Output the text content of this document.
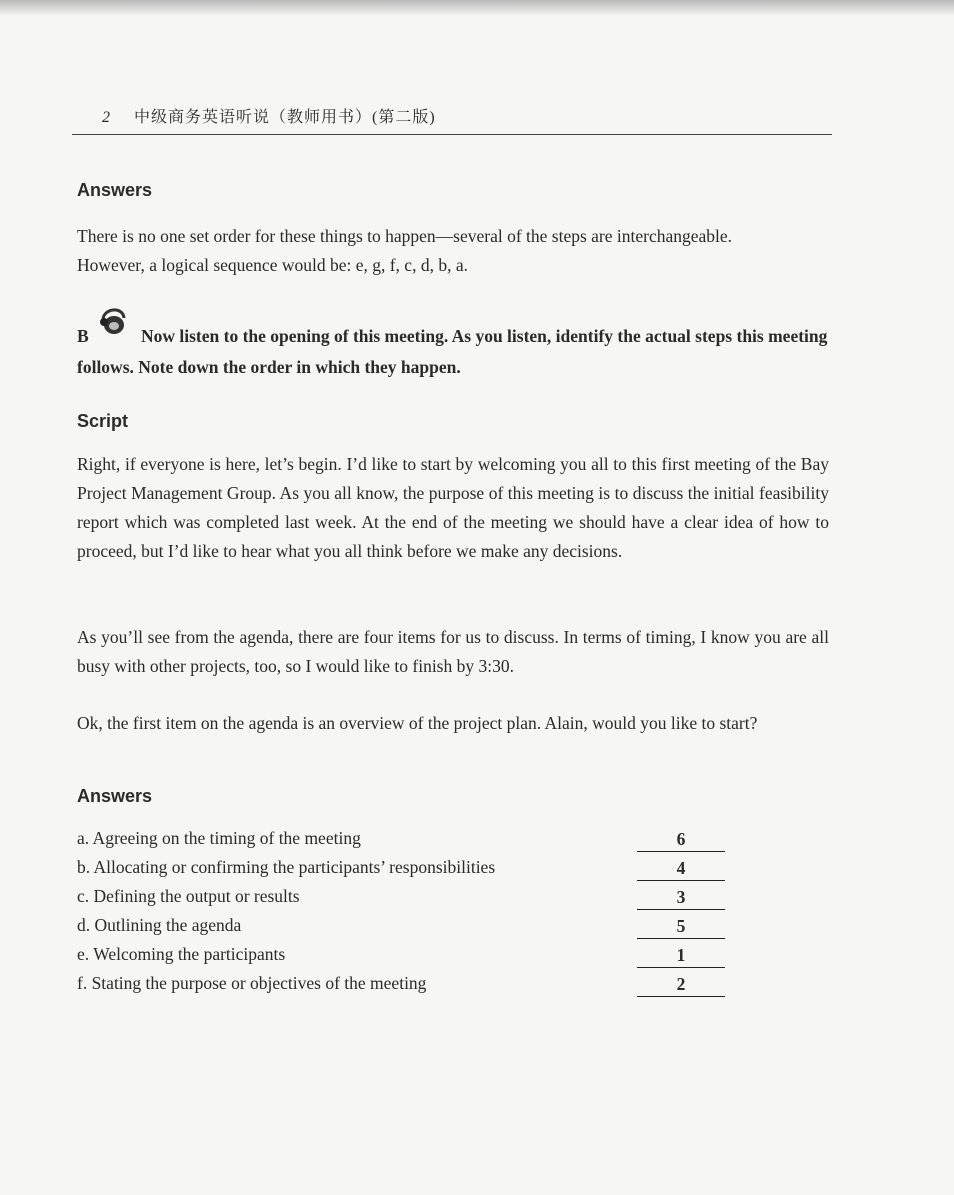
2 中级商务英语听说（教师用书）(第二版)
Answers
There is no one set order for these things to happen—several of the steps are interchangeable.
However, a logical sequence would be: e, g, f, c, d, b, a.
B	Now listen to the opening of this meeting. As you listen, identify the actual steps this meeting follows. Note down the order in which they happen.
Script
Right, if everyone is here, let’s begin. I’d like to start by welcoming you all to this first meeting of the Bay Project Management Group. As you all know, the purpose of this meeting is to discuss the initial feasibility report which was completed last week. At the end of the meeting we should have a clear idea of how to proceed, but I’d like to hear what you all think before we make any decisions.
As you’ll see from the agenda, there are four items for us to discuss. In terms of timing, I know you are all busy with other projects, too, so I would like to finish by 3:30.
Ok, the first item on the agenda is an overview of the project plan. Alain, would you like to start?
Answers
a. Agreeing on the timing of the meeting	6
b. Allocating or confirming the participants’ responsibilities	4
c. Defining the output or results	3
d. Outlining the agenda	5
e. Welcoming the participants	1
f. Stating the purpose or objectives of the meeting	2
